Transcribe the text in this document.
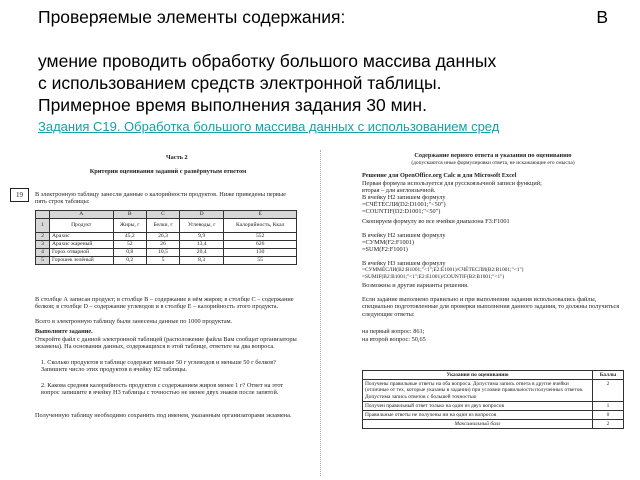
Проверяемые элементы содержания:	В
умение проводить обработку большого массива данных
с использованием средств электронной таблицы.
Примерное время выполнения задания 30 мин.
Задания С19. Обработка большого массива данных с использованием сред
Часть 2
Критерии оценивания заданий с развёрнутым ответом
19	В электронную таблицу занесли данные о калорийности продуктов. Ниже приведены первые пять строк таблицы:
	A	B	C	D	E
1	Продукт	Жиры, г	Белки, г	Углеводы, г	Калорийность, Ккал
2	Арахис	45,2	26,3	9,9	552
3	Арахис жареный	52	26	13,4	626
4	Горох отварной	0,8	10,5	20,4	130
5	Горошек зелёный	0,2	5	8,3	55
В столбце А записан продукт; в столбце В – содержание в нём жиров; в столбце С – содержание белков; в столбце D – содержание углеводов и в столбце Е – калорийность этого продукта.
Всего в электронную таблицу были занесены данные по 1000 продуктам.
Выполните задание.
Откройте файл с данной электронной таблицей (расположение файла Вам сообщат организаторы экзамена). На основании данных, содержащихся в этой таблице, ответьте на два вопроса.
1. Сколько продуктов в таблице содержат меньше 50 г углеводов и меньше 50 г белков? Запишите число этих продуктов в ячейку Н2 таблицы.
2. Какова средняя калорийность продуктов с содержанием жиров менее 1 г? Ответ на этот вопрос запишите в ячейку Н3 таблицы с точностью не менее двух знаков после запятой.
Полученную таблицу необходимо сохранить под именем, указанным организаторами экзамена.
Содержание верного ответа и указания по оцениванию
(допускаются иные формулировки ответа, не искажающие его смысла)
Решение для OpenOffice.org Calc и для Microsoft Excel
Первая формула используется для русскоязычной записи функций;
вторая – для англоязычной.
В ячейку Н2 запишем формулу
=СЧЁТЕСЛИ(D2:D1001;"<50")
=COUNTIF(D2:D1001;"<50")
Скопируем формулу во все ячейки диапазона F3:F1001
В ячейку Н2 запишем формулу
=СУММ(F2:F1001)
=SUM(F2:F1001)
В ячейку Н3 запишем формулу
=СУММЕСЛИ(B2:B1001;"<1";E2:E1001)/СЧЁТЕСЛИ(B2:B1001;"<1")
=SUMIF(B2:B1001;"<1";E2:E1001)/COUNTIF(B2:B1001;"<1")
Возможны и другие варианты решения.
Если задание выполнено правильно и при выполнении задания использовались файлы, специально подготовленные для проверки выполнения данного задания, то должны получиться следующие ответы:
на первый вопрос: 861;
на второй вопрос: 50,65
Указания по оцениванию	Баллы
Получены правильные ответы на оба вопроса. Допустима запись ответа в другие ячейки (отличные от тех, которые указаны в задании) при условии правильности полученных ответов. Допустима запись ответов с большей точностью	2
Получен правильный ответ только на один из двух вопросов	1
Правильные ответы не получены ни на один из вопросов	0
Максимальный балл	2
